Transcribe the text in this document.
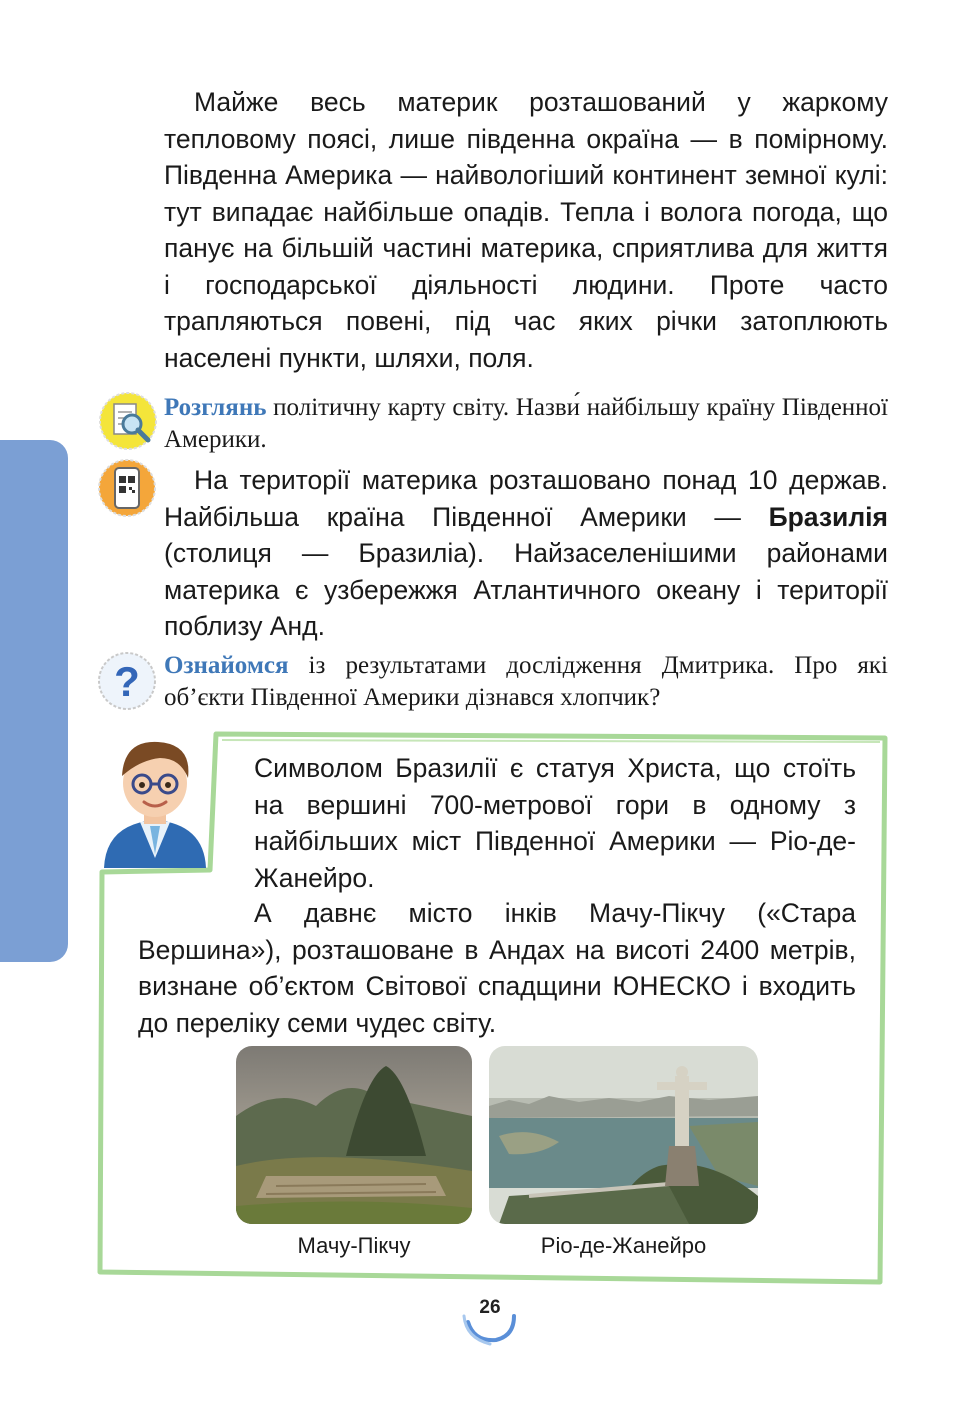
Майже весь материк розташований у жаркому тепловому поясі, лише південна окраїна — в помірному. Південна Америка — найвологіший континент земної кулі: тут випадає найбільше опадів. Тепла і волога погода, що панує на більшій частині материка, сприятлива для життя і господарської діяльності людини. Проте часто трапляються повені, під час яких річки затоплюють населені пункти, шляхи, поля.

Розглянь політичну карту світу. Назви́ найбільшу країну Південної Америки.

На території материка розташовано понад 10 держав. Найбільша країна Південної Америки — Бразилія (столиця — Бразиліа). Найзаселенішими районами материка є узбережжя Атлантичного океану і території поблизу Анд.

? Ознайомся із результатами дослідження Дмитрика. Про які об’єкти Південної Америки дізнався хлопчик?

Символом Бразилії є статуя Христа, що стоїть на вершині 700-метрової гори в одному з найбільших міст Південної Америки — Ріо-де-Жанейро.

А давнє місто інків Мачу-Пікчу («Стара Вершина»), розташоване в Андах на висоті 2400 метрів, визнане об’єктом Світової спадщини ЮНЕСКО і входить до переліку семи чудес світу.

Мачу-Пікчу	Ріо-де-Жанейро
26
